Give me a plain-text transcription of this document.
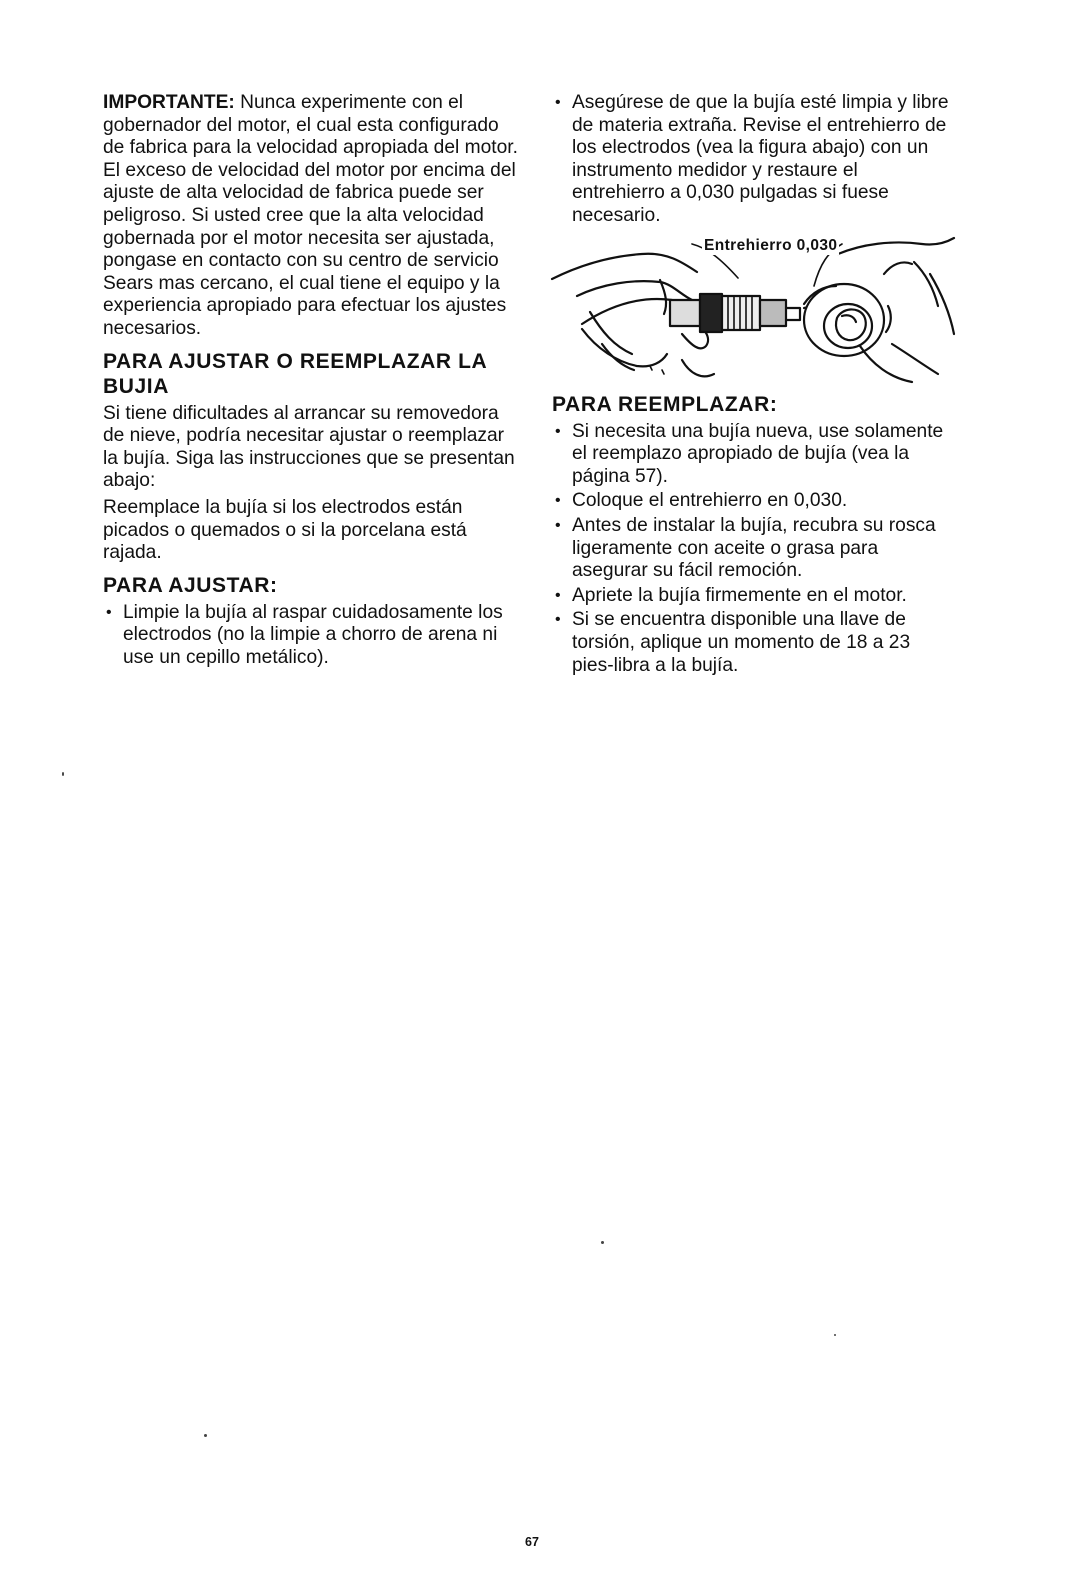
IMPORTANTE: Nunca experimente con el gobernador del motor, el cual esta configurado de fabrica para la velocidad apropiada del motor. El exceso de velocidad del motor por encima del ajuste de alta velocidad de fabrica puede ser peligroso. Si usted cree que la alta velocidad gobernada por el motor necesita ser ajustada, pongase en contacto con su centro de servicio Sears mas cercano, el cual tiene el equipo y la experiencia apropiado para efectuar los ajustes necesarios.

PARA AJUSTAR O REEMPLAZAR LA BUJIA

Si tiene dificultades al arrancar su removedora de nieve, podría necesitar ajustar o reemplazar la bujía. Siga las instrucciones que se presentan abajo:

Reemplace la bujía si los electrodos están picados o quemados o si la porcelana está rajada.

PARA AJUSTAR:
• Limpie la bujía al raspar cuidadosamente los electrodos (no la limpie a chorro de arena ni use un cepillo metálico).
• Asegúrese de que la bujía esté limpia y libre de materia extraña. Revise el entrehierro de los electrodos (vea la figura abajo) con un instrumento medidor y restaure el entrehierro a 0,030 pulgadas si fuese necesario.
Entrehierro 0,030
PARA REEMPLAZAR:
• Si necesita una bujía nueva, use solamente el reemplazo apropiado de bujía (vea la página 57).
• Coloque el entrehierro en 0,030.
• Antes de instalar la bujía, recubra su rosca ligeramente con aceite o grasa para asegurar su fácil remoción.
• Apriete la bujía firmemente en el motor.
• Si se encuentra disponible una llave de torsión, aplique un momento de 18 a 23 pies-libra a la bujía.
67
